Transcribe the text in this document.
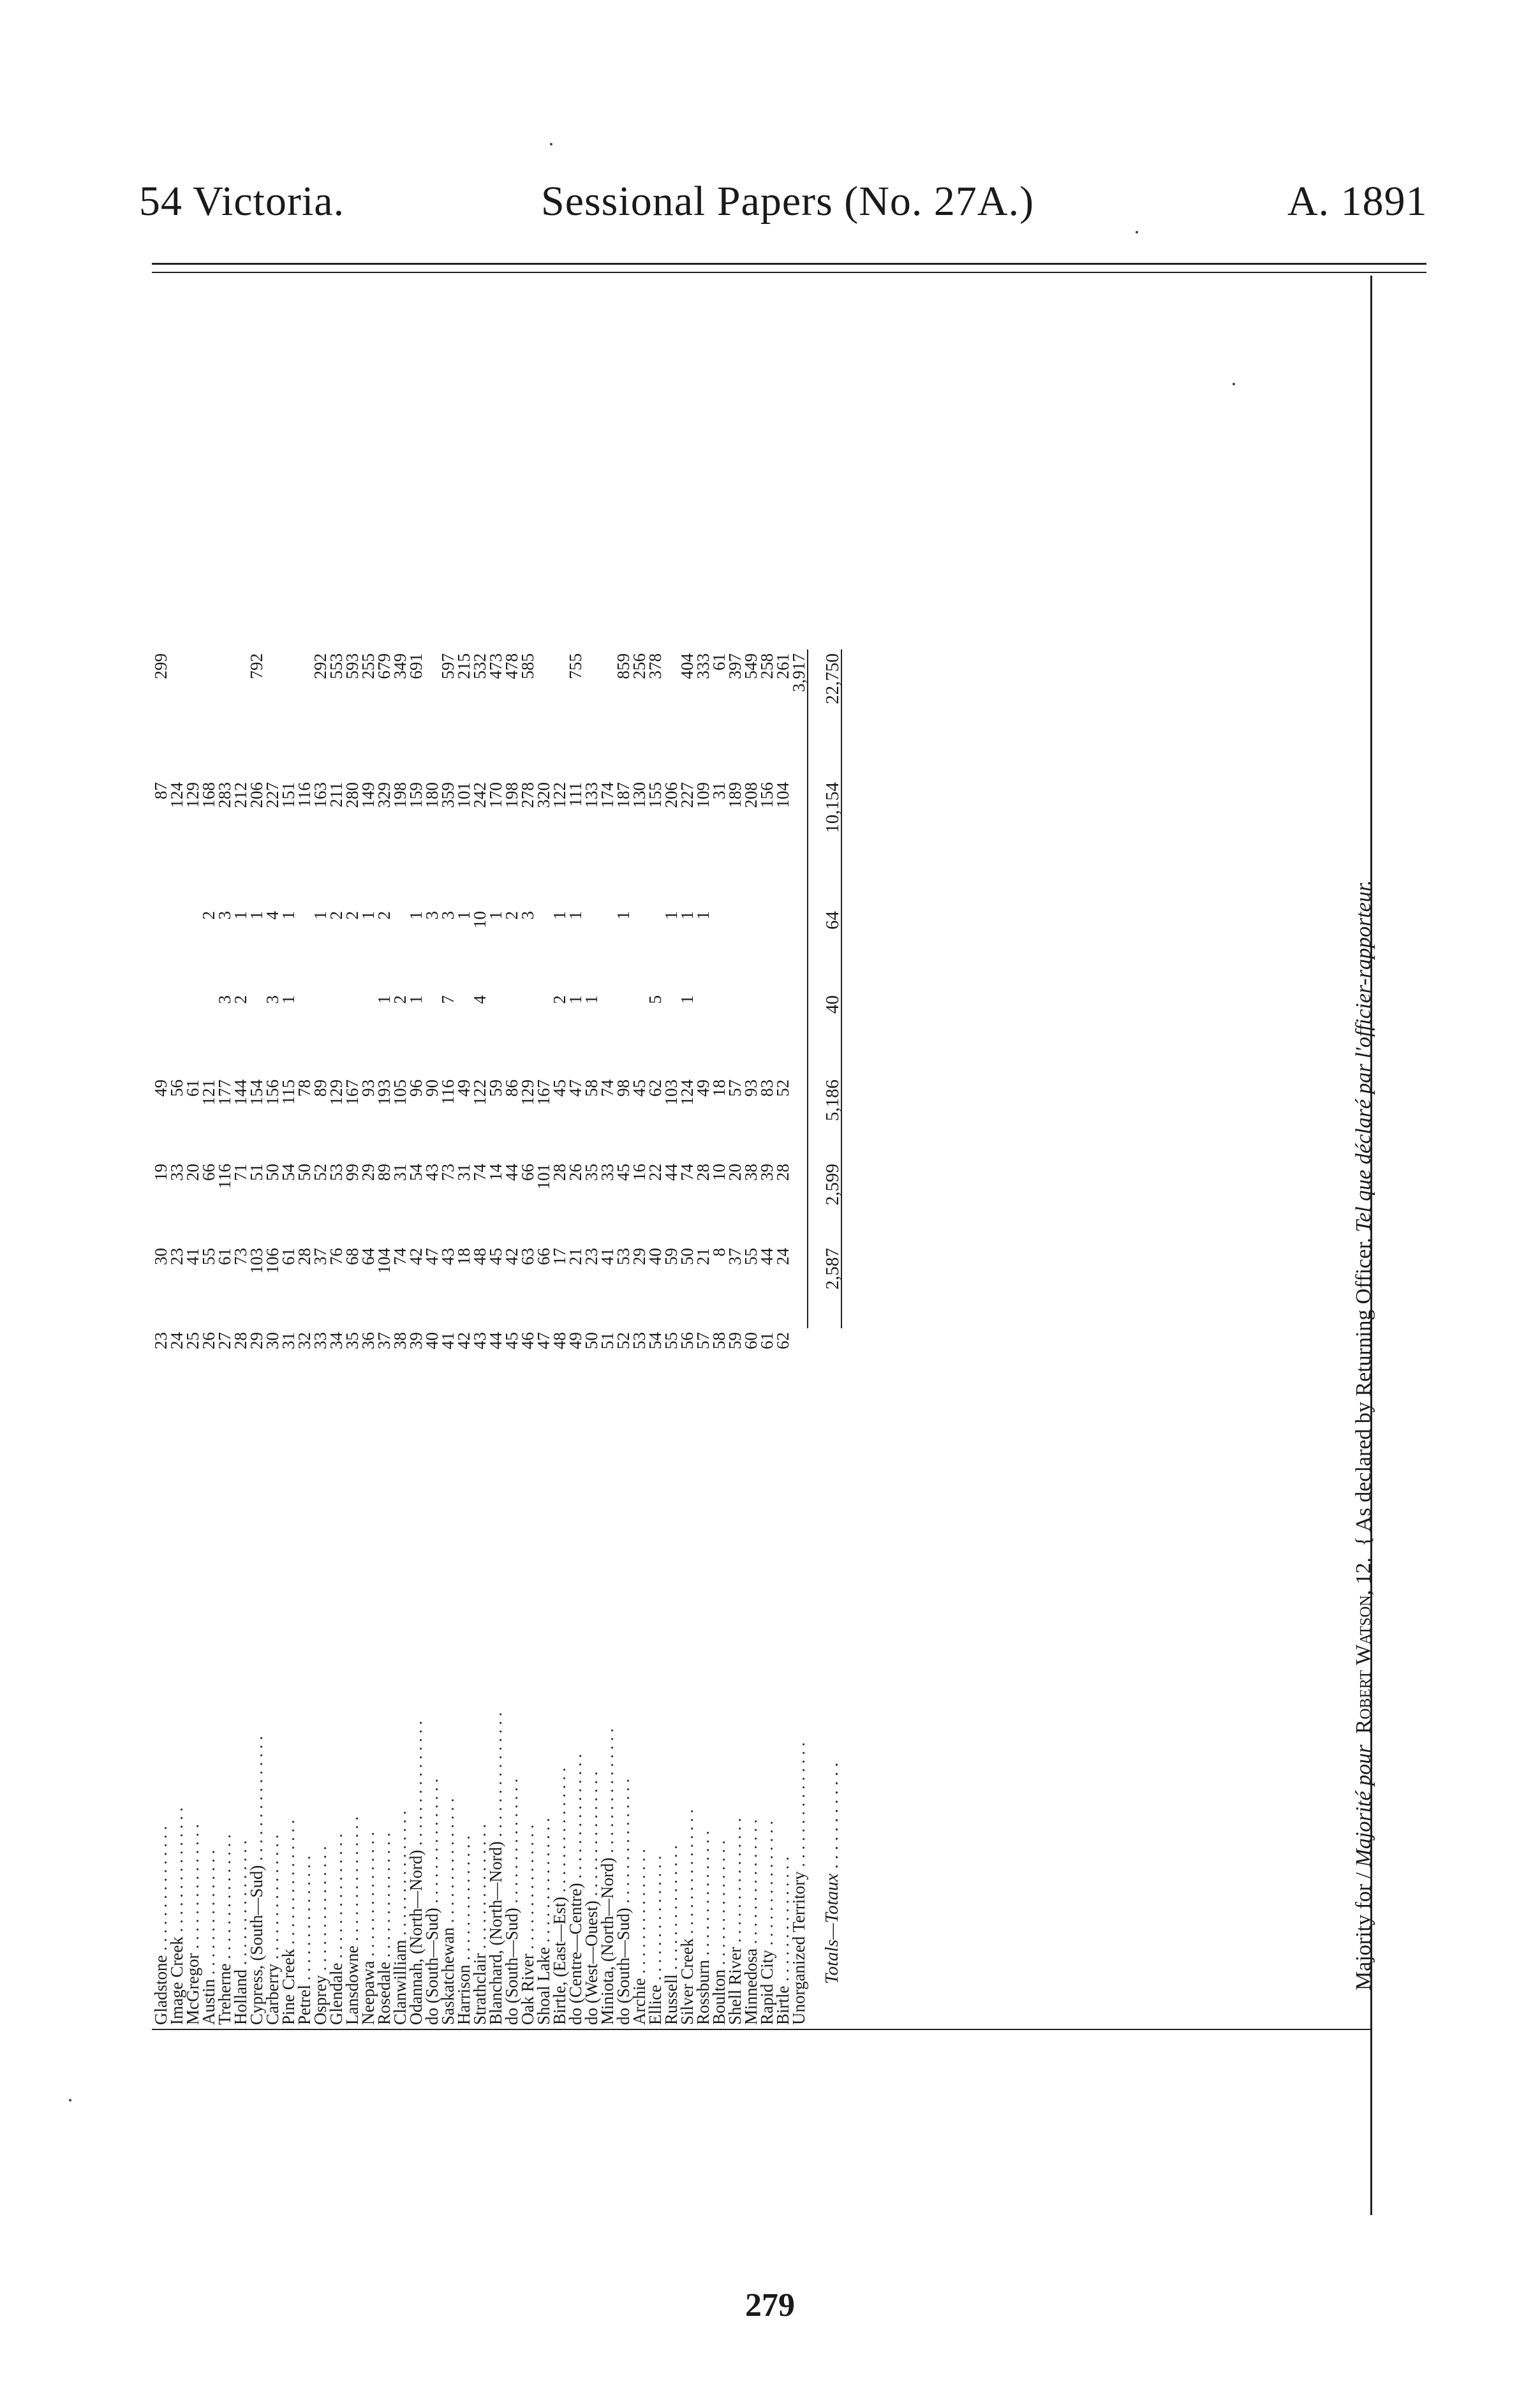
54 Victoria.	Sessional Papers (No. 27A.)	A. 1891
Gladstone . . . . . . . . . . . . . . .	23	30	19	49			87	299
Image Creek . . . . . . . . . . . . . . .	24	23	33	56			124	
McGregor . . . . . . . . . . . . . . .	25	41	20	61			129	
Austin . . . . . . . . . . . . . . .	26	55	66	121		2	168	
Treherne . . . . . . . . . . . . . . .	27	61	116	177	3	3	283	
Holland . . . . . . . . . . . . . . .	28	73	71	144	2	1	212	
Cypress, (South—Sud) . . . . . . . . . . . . . . .	29	103	51	154		1	206	792
Carberry . . . . . . . . . . . . . . .	30	106	50	156	3	4	227	
Pine Creek . . . . . . . . . . . . . . .	31	61	54	115	1	1	151	
Petrel . . . . . . . . . . . . . . .	32	28	50	78			116	
Osprey . . . . . . . . . . . . . . .	33	37	52	89		1	163	292
Glendale . . . . . . . . . . . . . . .	34	76	53	129		2	211	553
Lansdowne . . . . . . . . . . . . . . .	35	68	99	167		2	280	593
Neepawa . . . . . . . . . . . . . . .	36	64	29	93		1	149	255
Rosedale . . . . . . . . . . . . . . .	37	104	89	193	1	2	329	679
Clanwilliam . . . . . . . . . . . . . . .	38	74	31	105	2		198	349
Odannah, (North—Nord) . . . . . . . . . . . . . . .	39	42	54	96	1	1	159	691
do (South—Sud) . . . . . . . . . . . . . . .	40	47	43	90		3	180	
Saskatchewan . . . . . . . . . . . . . . .	41	43	73	116	7	3	359	597
Harrison . . . . . . . . . . . . . . .	42	18	31	49		1	101	215
Strathclair . . . . . . . . . . . . . . .	43	48	74	122	4	10	242	532
Blanchard, (North—Nord) . . . . . . . . . . . . . . .	44	45	14	59		1	170	473
do (South—Sud) . . . . . . . . . . . . . . .	45	42	44	86		2	198	478
Oak River . . . . . . . . . . . . . . .	46	63	66	129		3	278	585
Shoal Lake . . . . . . . . . . . . . . .	47	66	101	167			320	
Birtle, (East—Est) . . . . . . . . . . . . . . .	48	17	28	45	2	1	122	
do (Centre—Centre) . . . . . . . . . . . . . . .	49	21	26	47	1	1	111	755
do (West—Ouest) . . . . . . . . . . . . . . .	50	23	35	58	1		133	
Miniota, (North—Nord) . . . . . . . . . . . . . . .	51	41	33	74			174	
do (South—Sud) . . . . . . . . . . . . . . .	52	53	45	98		1	187	859
Archie . . . . . . . . . . . . . . .	53	29	16	45			130	256
Ellice . . . . . . . . . . . . . . .	54	40	22	62	5		155	378
Russell . . . . . . . . . . . . . . .	55	59	44	103		1	206	
Silver Creek . . . . . . . . . . . . . . .	56	50	74	124	1	1	227	404
Rossburn . . . . . . . . . . . . . . .	57	21	28	49		1	109	333
Boulton . . . . . . . . . . . . . . .	58	8	10	18			31	61
Shell River . . . . . . . . . . . . . . .	59	37	20	57			189	397
Minnedosa . . . . . . . . . . . . . . .	60	55	38	93			208	549
Rapid City . . . . . . . . . . . . . . .	61	44	39	83			156	258
Birtle . . . . . . . . . . . . . . .	62	24	28	52			104	261
Unorganized Territory . . . . . . . . . . . . . . .								3,917
Totals—Totaux . . . . . . . . . . . .		2,587	2,599	5,186	40	64	10,154	22,750
Majority for / Majorité pour  Robert Watson, 12.  { As declared by Returning Officer. Tel que déclaré par l'officier-rapporteur.
279
